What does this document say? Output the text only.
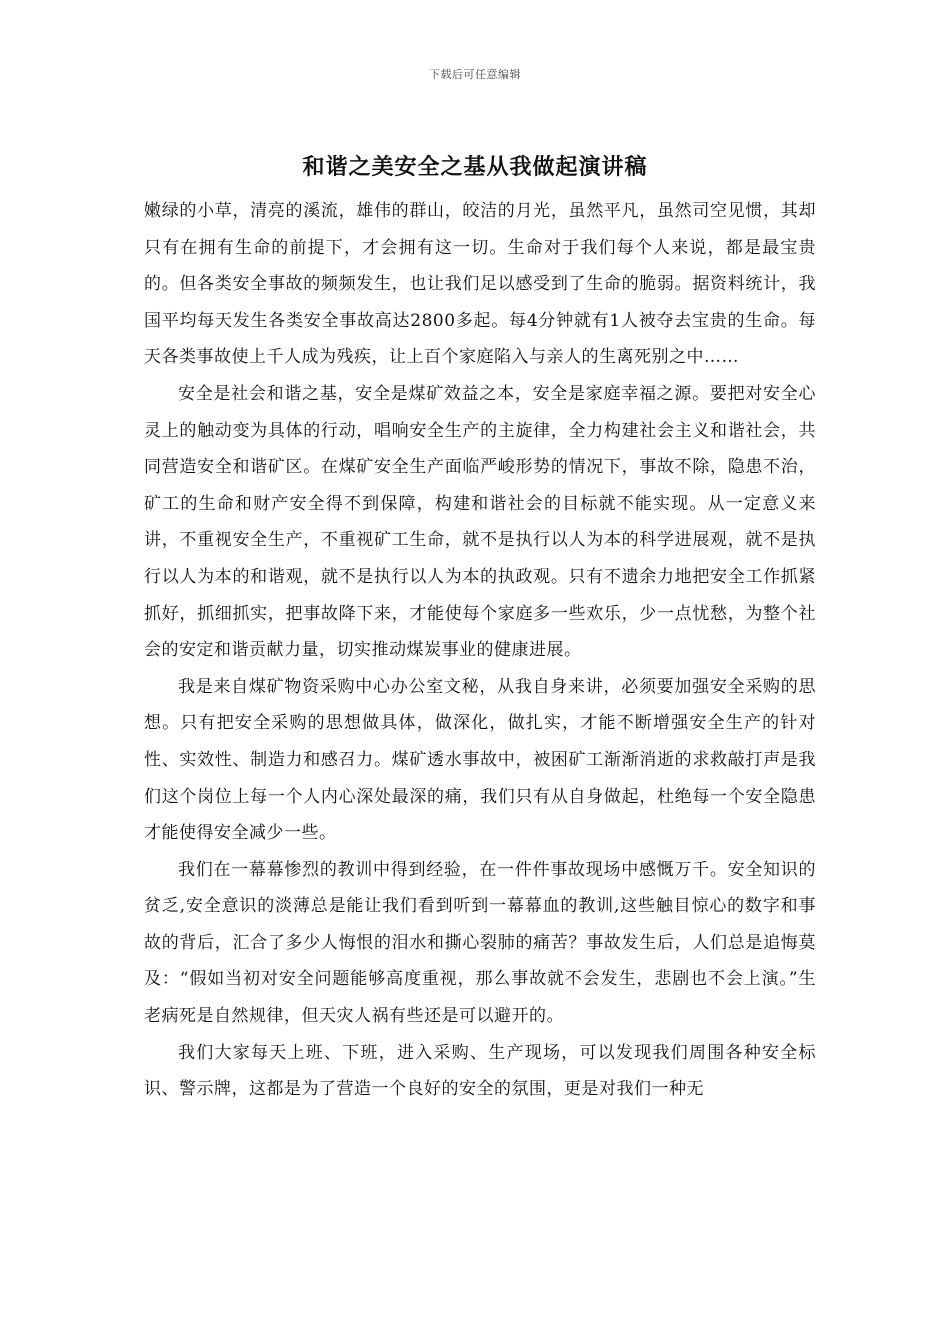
下载后可任意编辑
和谐之美安全之基从我做起演讲稿

嫩绿的小草，清亮的溪流，雄伟的群山，皎洁的月光，虽然平凡，虽然司空见惯，其却只有在拥有生命的前提下，才会拥有这一切。生命对于我们每个人来说，都是最宝贵的。但各类安全事故的频频发生，也让我们足以感受到了生命的脆弱。据资料统计，我国平均每天发生各类安全事故高达2800多起。每4分钟就有1人被夺去宝贵的生命。每天各类事故使上千人成为残疾，让上百个家庭陷入与亲人的生离死别之中……

安全是社会和谐之基，安全是煤矿效益之本，安全是家庭幸福之源。要把对安全心灵上的触动变为具体的行动，唱响安全生产的主旋律，全力构建社会主义和谐社会，共同营造安全和谐矿区。在煤矿安全生产面临严峻形势的情况下，事故不除，隐患不治，矿工的生命和财产安全得不到保障，构建和谐社会的目标就不能实现。从一定意义来讲，不重视安全生产，不重视矿工生命，就不是执行以人为本的科学进展观，就不是执行以人为本的和谐观，就不是执行以人为本的执政观。只有不遗余力地把安全工作抓紧抓好，抓细抓实，把事故降下来，才能使每个家庭多一些欢乐，少一点忧愁，为整个社会的安定和谐贡献力量，切实推动煤炭事业的健康进展。

我是来自煤矿物资采购中心办公室文秘，从我自身来讲，必须要加强安全采购的思想。只有把安全采购的思想做具体，做深化，做扎实，才能不断增强安全生产的针对性、实效性、制造力和感召力。煤矿透水事故中，被困矿工渐渐消逝的求救敲打声是我们这个岗位上每一个人内心深处最深的痛，我们只有从自身做起，杜绝每一个安全隐患才能使得安全减少一些。

我们在一幕幕惨烈的教训中得到经验，在一件件事故现场中感慨万千。安全知识的贫乏,安全意识的淡薄总是能让我们看到听到一幕幕血的教训,这些触目惊心的数字和事故的背后，汇合了多少人悔恨的泪水和撕心裂肺的痛苦？事故发生后，人们总是追悔莫及：“假如当初对安全问题能够高度重视，那么事故就不会发生，悲剧也不会上演。”生老病死是自然规律，但天灾人祸有些还是可以避开的。

我们大家每天上班、下班，进入采购、生产现场，可以发现我们周围各种安全标识、警示牌，这都是为了营造一个良好的安全的氛围，更是对我们一种无
